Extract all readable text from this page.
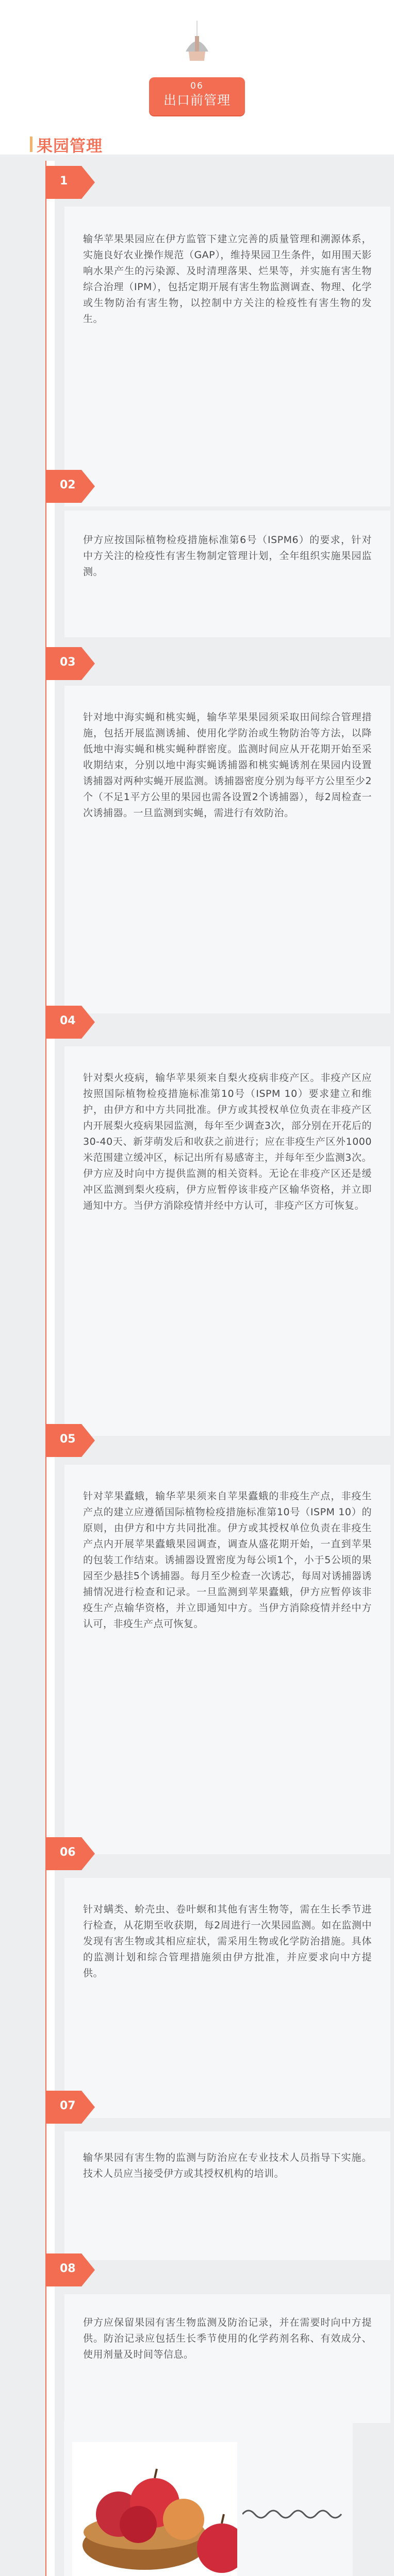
06
出口前管理
果园管理
1

输华苹果果园应在伊方监管下建立完善的质量管理和溯源体系，实施良好农业操作规范（GAP），维持果园卫生条件，如用围天影响水果产生的污染源、及时清理落果、烂果等，并实施有害生物综合治理（IPM），包括定期开展有害生物监测调查、物理、化学或生物防治有害生物，以控制中方关注的检疫性有害生物的发生。

02

伊方应按国际植物检疫措施标准第6号（ISPM6）的要求，针对中方关注的检疫性有害生物制定管理计划，全年组织实施果园监测。

03

针对地中海实蝇和桃实蝇，输华苹果果园须采取田间综合管理措施，包括开展监测诱捕、使用化学防治或生物防治等方法，以降低地中海实蝇和桃实蝇种群密度。监测时间应从开花期开始至采收期结束，分别以地中海实蝇诱捕器和桃实蝇诱剂在果园内设置诱捕器对两种实蝇开展监测。诱捕器密度分别为每平方公里至少2个（不足1平方公里的果园也需各设置2个诱捕器），每2周检查一次诱捕器。一旦监测到实蝇，需进行有效防治。

04

针对梨火疫病，输华苹果须来自梨火疫病非疫产区。非疫产区应按照国际植物检疫措施标准第10号（ISPM 10）要求建立和维护，由伊方和中方共同批准。伊方或其授权单位负责在非疫产区内开展梨火疫病果园监测，每年至少调查3次，部分别在开花后的30-40天、新芽萌发后和收获之前进行；应在非疫生产区外1000米范围建立缓冲区，标记出所有易感寄主，并每年至少监测3次。伊方应及时向中方提供监测的相关资料。无论在非疫产区还是缓冲区监测到梨火疫病，伊方应暂停该非疫产区输华资格，并立即通知中方。当伊方消除疫情并经中方认可，非疫产区方可恢复。

05

针对苹果蠹蛾，输华苹果须来自苹果蠹蛾的非疫生产点，非疫生产点的建立应遵循国际植物检疫措施标准第10号（ISPM 10）的原则，由伊方和中方共同批准。伊方或其授权单位负责在非疫生产点内开展苹果蠹蛾果园调查，调查从盛花期开始，一直到苹果的包装工作结束。诱捕器设置密度为每公顷1个，小于5公顷的果园至少悬挂5个诱捕器。每月至少检查一次诱芯，每周对诱捕器诱捕情况进行检查和记录。一旦监测到苹果蠹蛾，伊方应暂停该非疫生产点输华资格，并立即通知中方。当伊方消除疫情并经中方认可，非疫生产点可恢复。

06

针对螨类、蚧壳虫、卷叶螟和其他有害生物等，需在生长季节进行检查，从花期至收获期，每2周进行一次果园监测。如在监测中发现有害生物或其相应症状，需采用生物或化学防治措施。具体的监测计划和综合管理措施须由伊方批准，并应要求向中方提供。

07

输华果园有害生物的监测与防治应在专业技术人员指导下实施。技术人员应当接受伊方或其授权机构的培训。

08

伊方应保留果园有害生物监测及防治记录，并在需要时向中方提供。防治记录应包括生长季节使用的化学药剂名称、有效成分、使用剂量及时间等信息。
